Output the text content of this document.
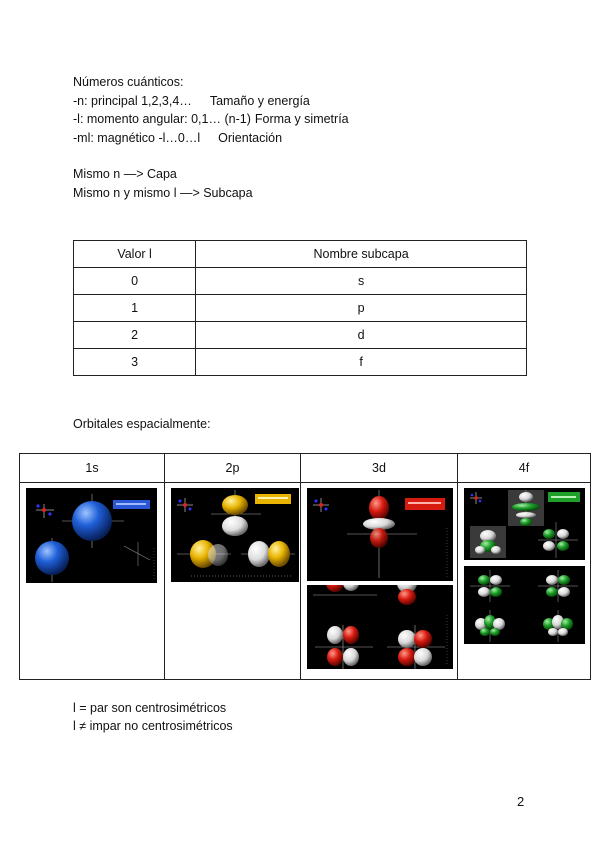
Números cuánticos:
-n: principal 1,2,3,4… Tamaño y energía
-l: momento angular: 0,1… (n-1) Forma y simetría
-ml: magnético -l…0…l Orientación
Mismo n —> Capa
Mismo n y mismo l —> Subcapa
Valor l	Nombre subcapa
0	s
1	p
2	d
3	f
Orbitales espacialmente:
1s	2p	3d	4f

l = par son centrosimétricos
l ≠ impar no centrosimétricos
2
